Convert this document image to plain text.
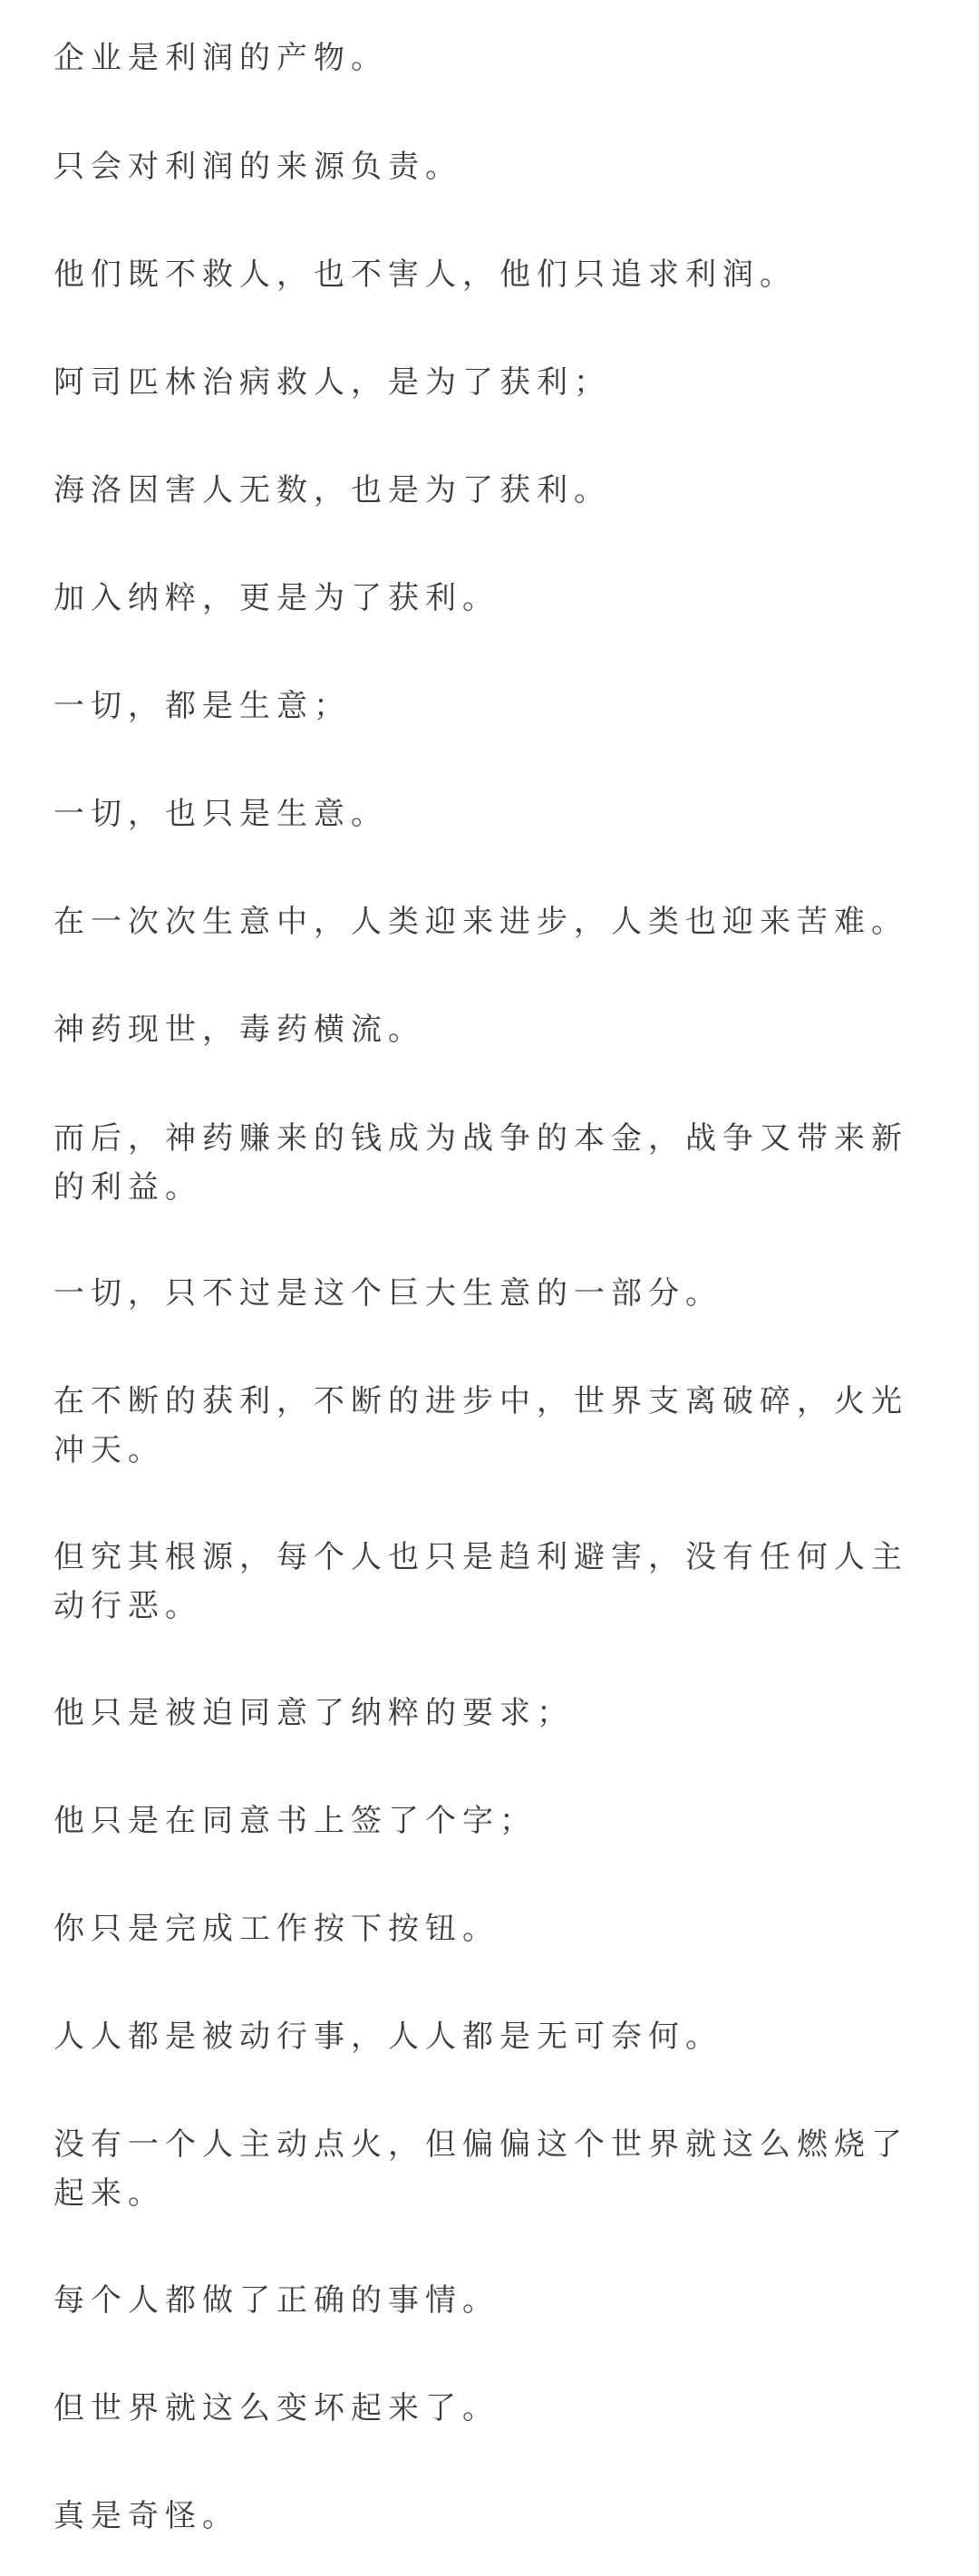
企业是利润的产物。

只会对利润的来源负责。

他们既不救人，也不害人，他们只追求利润。

阿司匹林治病救人，是为了获利；

海洛因害人无数，也是为了获利。

加入纳粹，更是为了获利。

一切，都是生意；

一切，也只是生意。

在一次次生意中，人类迎来进步，人类也迎来苦难。

神药现世，毒药横流。

而后，神药赚来的钱成为战争的本金，战争又带来新的利益。

一切，只不过是这个巨大生意的一部分。

在不断的获利，不断的进步中，世界支离破碎，火光冲天。

但究其根源，每个人也只是趋利避害，没有任何人主动行恶。

他只是被迫同意了纳粹的要求；

他只是在同意书上签了个字；

你只是完成工作按下按钮。

人人都是被动行事，人人都是无可奈何。

没有一个人主动点火，但偏偏这个世界就这么燃烧了起来。

每个人都做了正确的事情。

但世界就这么变坏起来了。

真是奇怪。
